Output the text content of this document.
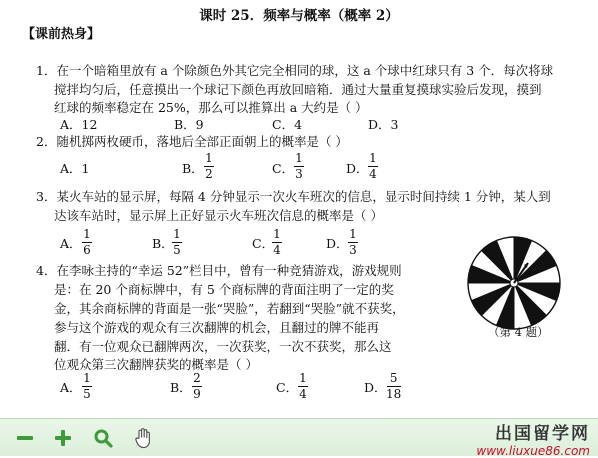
课时 25．频率与概率（概率 2）
【课前热身】
1．在一个暗箱里放有 a 个除颜色外其它完全相同的球，这 a 个球中红球只有 3 个．每次将球
搅拌均匀后，任意摸出一个球记下颜色再放回暗箱．通过大量重复摸球实验后发现，摸到
红球的频率稳定在 25%，那么可以推算出 a 大约是（ ）
A．12	B．9	C．4	D．3
2．随机掷两枚硬币，落地后全部正面朝上的概率是（ ）
A．1	B．
1
2	C．
1
3	D．
1
4
3．某火车站的显示屏，每隔 4 分钟显示一次火车班次的信息，显示时间持续 1 分钟，某人到
达该车站时，显示屏上正好显示火车班次信息的概率是（ ）
A．
1
6	B．
1
5	C．
1
4	D．
1
3
4．在李咏主持的“幸运 52”栏目中，曾有一种竞猜游戏，游戏规则
是：在 20 个商标牌中，有 5 个商标牌的背面注明了一定的奖
金，其余商标牌的背面是一张“哭脸”，若翻到“哭脸”就不获奖，
参与这个游戏的观众有三次翻牌的机会，且翻过的牌不能再
翻．有一位观众已翻牌两次，一次获奖，一次不获奖，那么这
位观众第三次翻牌获奖的概率是（ ）
A．
1
5	B．
2
9	C．
1
4	D．
5
18
（第 4 题）
出国留学网
www.liuxue86.com
